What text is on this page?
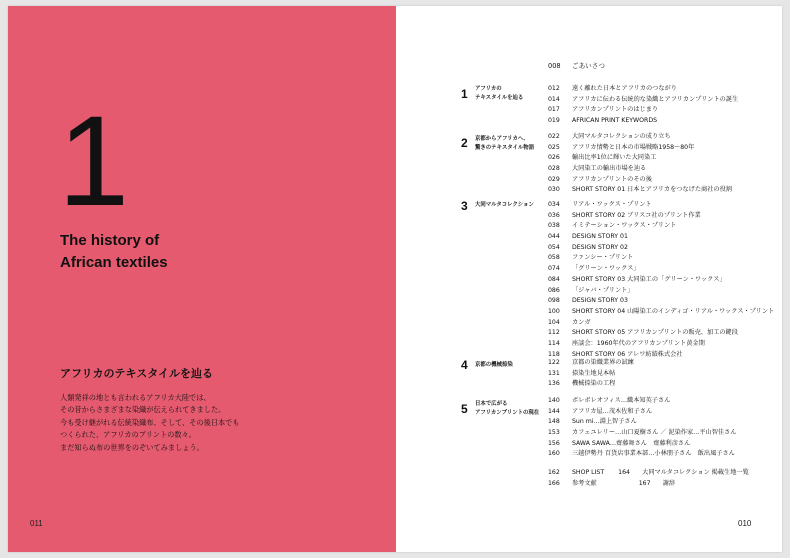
1
The history of
African textiles
アフリカのテキスタイルを辿る
人類発祥の地とも言われるアフリカ大陸では、
その昔からさまざまな染織が伝えられてきました。
今も受け継がれる伝統染織布、そして、その後日本でも
つくられた、アフリカのプリントの数々。
まだ知らぬ布の世界をのぞいてみましょう。
011
008 ごあいさつ
1 アフリカの
テキスタイルを辿る
012 遠く離れた日本とアフリカのつながり
014 アフリカに伝わる伝統的な染織とアフリカンプリントの誕生
017 アフリカンプリントのはじまり
019 AFRICAN PRINT KEYWORDS
2 京都からアフリカへ、
驚きのテキスタイル物語
022 大同マルタコレクションの成り立ち
025 アフリカ情勢と日本の市場戦略1958〜80年
026 輸出比率1位に輝いた大同染工
028 大同染工の輸出市場を辿る
029 アフリカンプリントのその後
030 SHORT STORY 01 日本とアフリカをつなげた商社の役割
3 大同マルタコレクション 034 リアル・ワックス・プリント
036 SHORT STORY 02 ブリスコ社のプリント作業
038 イミテーション・ワックス・プリント
044 DESIGN STORY 01
054 DESIGN STORY 02
058 ファンシー・プリント
074 「グリーン・ワックス」
084 SHORT STORY 03 大同染工の「グリーン・ワックス」
086 「ジャバ・プリント」
098 DESIGN STORY 03
100 SHORT STORY 04 山陽染工のインディゴ・リアル・ワックス・プリント
104 カンガ
112 SHORT STORY 05 アフリカンプリントの販売、加工の鍵段
114 座談会：1960年代のアフリカンプリント黄金期
118 SHORT STORY 06 アレワ紡績株式会社
4 京都の機械捺染	122 京都の染織業界の試練
131 捺染生地見本帖
136 機械捺染の工程
5 日本で広がる
アフリカンプリントの現在
140 ボレボレオフィス…織本知英子さん
144 アフリカ屋…茂木佐和子さん
148 Sun mi…淵上智子さん
153 カフェユレリー…山口夏樹さん ／ 泥染作家…平山智佳さん
156 SAWA SAWA…齋藤舞さん　齋藤利彦さん
160 三越伊勢丹 百貨店事業本部…小林朋子さん　飯出風子さん
162 SHOP LIST 164 大同マルタコレクション 掲載生地一覧
166 参考文献	167 謝辞
010
